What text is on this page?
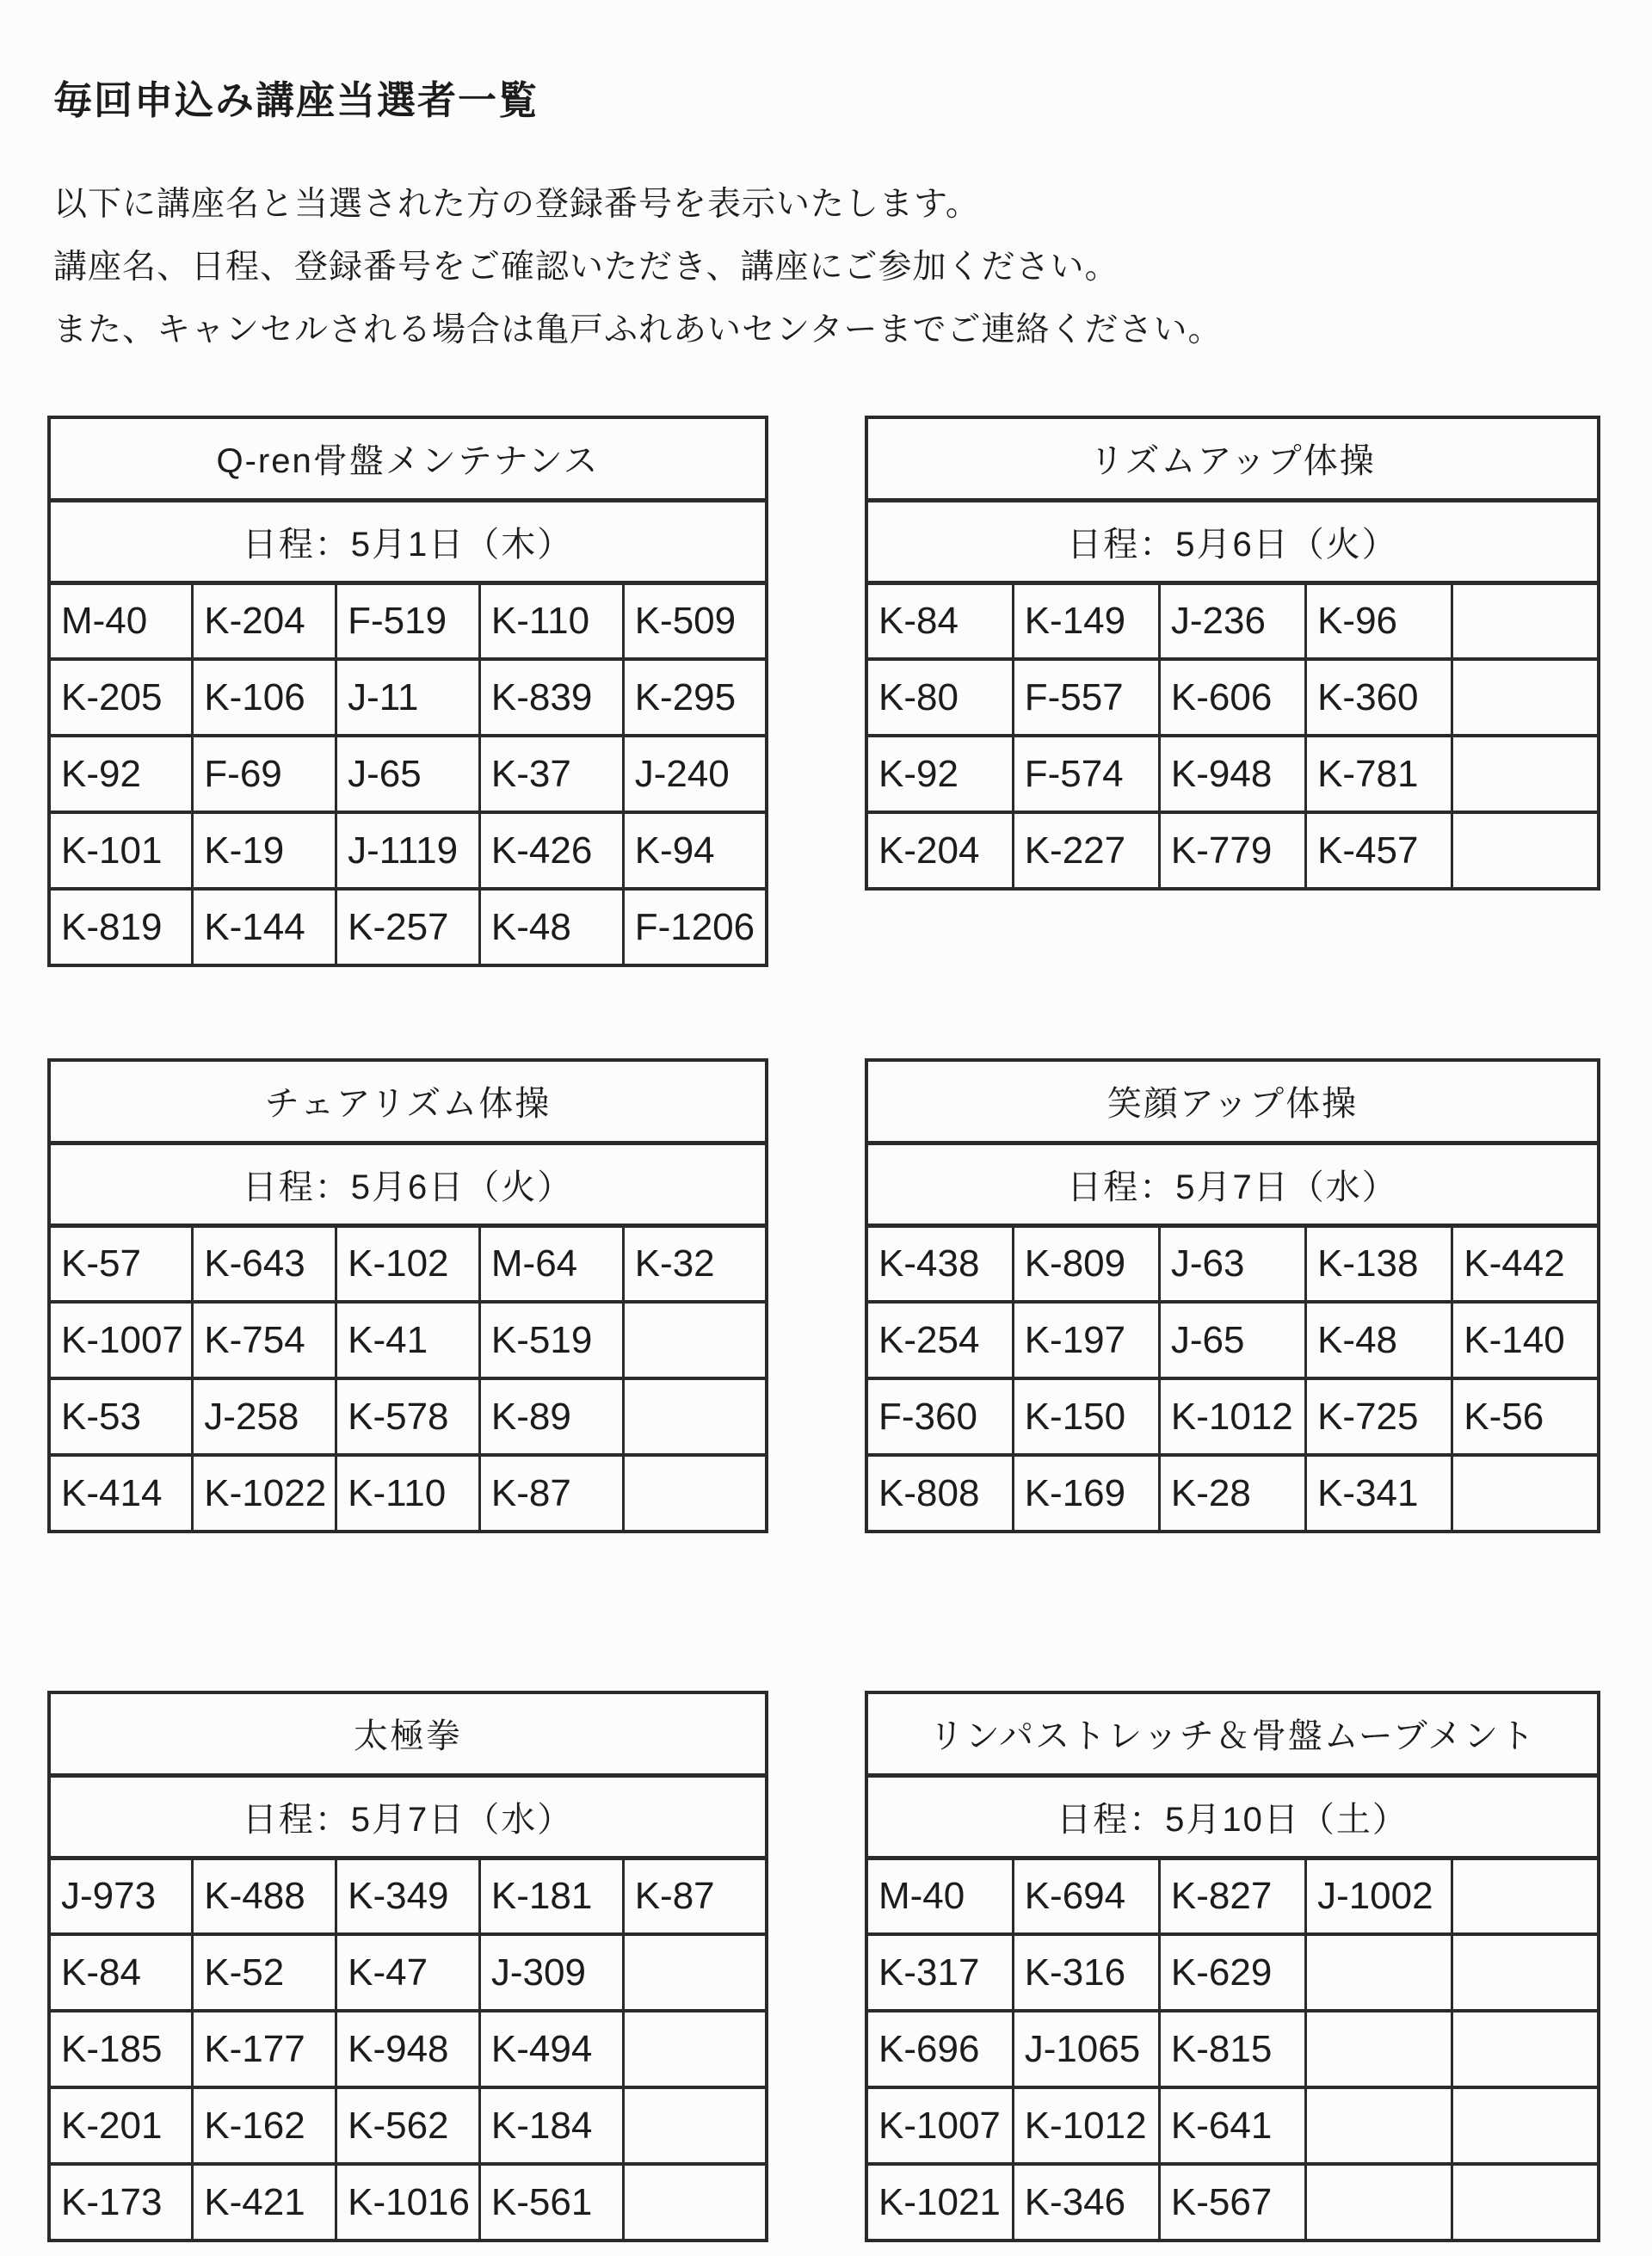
毎回申込み講座当選者一覧
以下に講座名と当選された方の登録番号を表示いたします。
講座名、日程、登録番号をご確認いただき、講座にご参加ください。
また、キャンセルされる場合は亀戸ふれあいセンターまでご連絡ください。
Q-ren骨盤メンテナンス				
日程：5月1日（木）				
M-40	K-204	F-519	K-110	K-509
K-205	K-106	J-11	K-839	K-295
K-92	F-69	J-65	K-37	J-240
K-101	K-19	J-1119	K-426	K-94
K-819	K-144	K-257	K-48	F-1206
リズムアップ体操				
日程：5月6日（火）				
K-84	K-149	J-236	K-96	
K-80	F-557	K-606	K-360	
K-92	F-574	K-948	K-781	
K-204	K-227	K-779	K-457	
チェアリズム体操				
日程：5月6日（火）				
K-57	K-643	K-102	M-64	K-32
K-1007	K-754	K-41	K-519	
K-53	J-258	K-578	K-89	
K-414	K-1022	K-110	K-87	
笑顔アップ体操				
日程：5月7日（水）				
K-438	K-809	J-63	K-138	K-442
K-254	K-197	J-65	K-48	K-140
F-360	K-150	K-1012	K-725	K-56
K-808	K-169	K-28	K-341	
太極拳				
日程：5月7日（水）				
J-973	K-488	K-349	K-181	K-87
K-84	K-52	K-47	J-309	
K-185	K-177	K-948	K-494	
K-201	K-162	K-562	K-184	
K-173	K-421	K-1016	K-561	
リンパストレッチ＆骨盤ムーブメント				
日程：5月10日（土）				
M-40	K-694	K-827	J-1002	
K-317	K-316	K-629		
K-696	J-1065	K-815		
K-1007	K-1012	K-641		
K-1021	K-346	K-567		
